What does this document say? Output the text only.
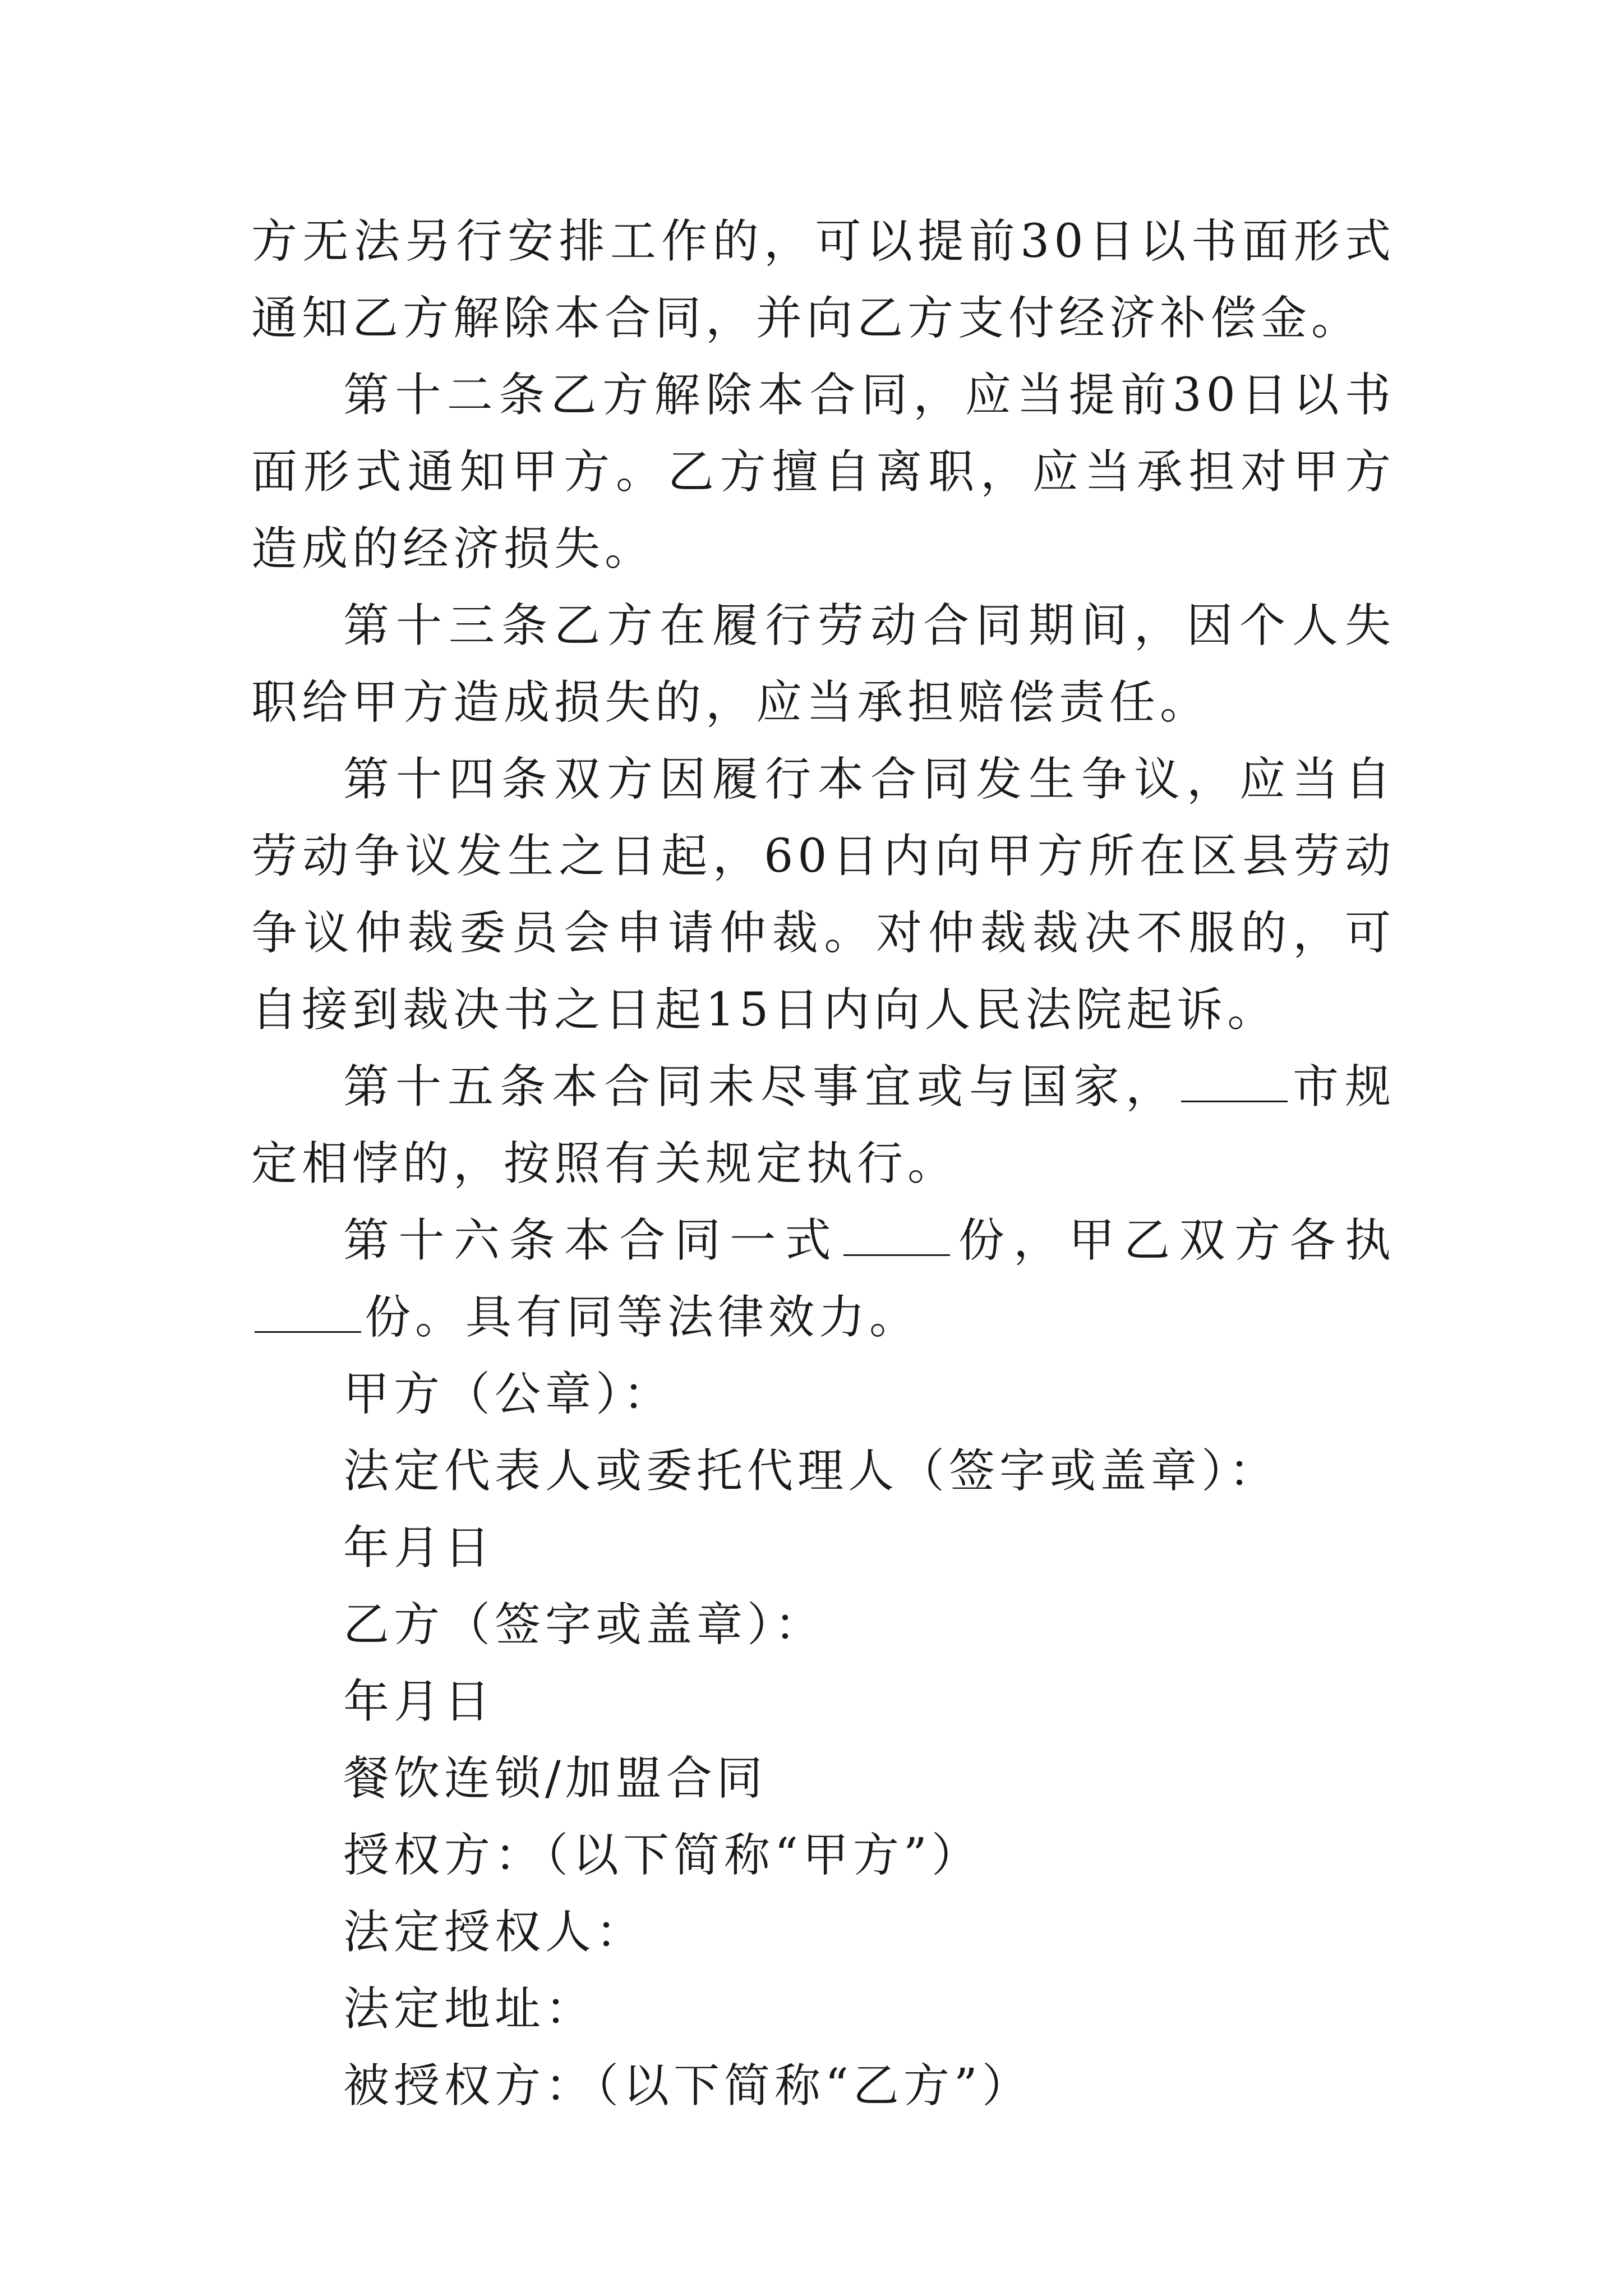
方无法另行安排工作的，可以提前30日以书面形式通知乙方解除本合同，并向乙方支付经济补偿金。

第十二条乙方解除本合同，应当提前30日以书面形式通知甲方。乙方擅自离职，应当承担对甲方造成的经济损失。

第十三条乙方在履行劳动合同期间，因个人失职给甲方造成损失的，应当承担赔偿责任。

第十四条双方因履行本合同发生争议，应当自劳动争议发生之日起，60日内向甲方所在区县劳动争议仲裁委员会申请仲裁。对仲裁裁决不服的，可自接到裁决书之日起15日内向人民法院起诉。

第十五条本合同未尽事宜或与国家， 市规定相悖的，按照有关规定执行。

第十六条本合同一式 份，甲乙双方各执份。具有同等法律效力。

甲方（公章）：

法定代表人或委托代理人（签字或盖章）：

年月日

乙方（签字或盖章）：

年月日

餐饮连锁/加盟合同

授权方：（以下简称“甲方”）

法定授权人：

法定地址：

被授权方：（以下简称“乙方”）
